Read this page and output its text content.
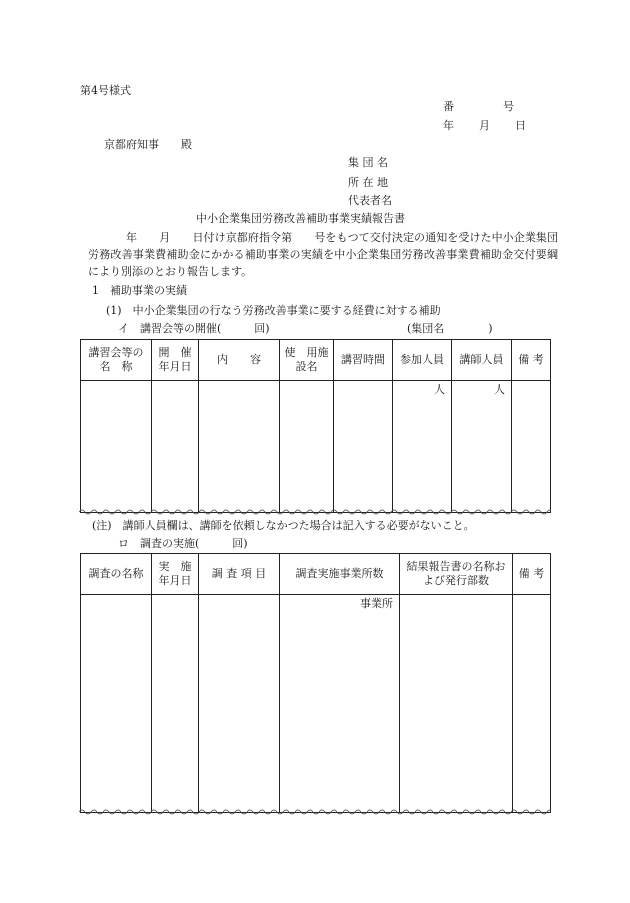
第4号様式
番　　　　号
年　　月　　日
京都府知事　　殿
集 団 名
所 在 地
代表者名
中小企業集団労務改善補助事業実績報告書
年　　月　　日付け京都府指令第　　号をもつて交付決定の通知を受けた中小企業集団労務改善事業費補助金にかかる補助事業の実績を中小企業集団労務改善事業費補助金交付要綱により別添のとおり報告します。
1　補助事業の実績
(1)　中小企業集団の行なう労務改善事業に要する経費に対する補助
イ　講習会等の開催(　　　回)	(集団名　　　　)
講習会等の名　称	開　催年月日	内　　容	使　用施設名	講習時間	参加人員	講師人員	備 考
					人	人	
(注)　講師人員欄は、講師を依頼しなかつた場合は記入する必要がないこと。
ロ　調査の実施(　　　回)
調査の名称	実　施年月日	調 査 項 目	調査実施事業所数	結果報告書の名称および発行部数	備 考
			事業所		
